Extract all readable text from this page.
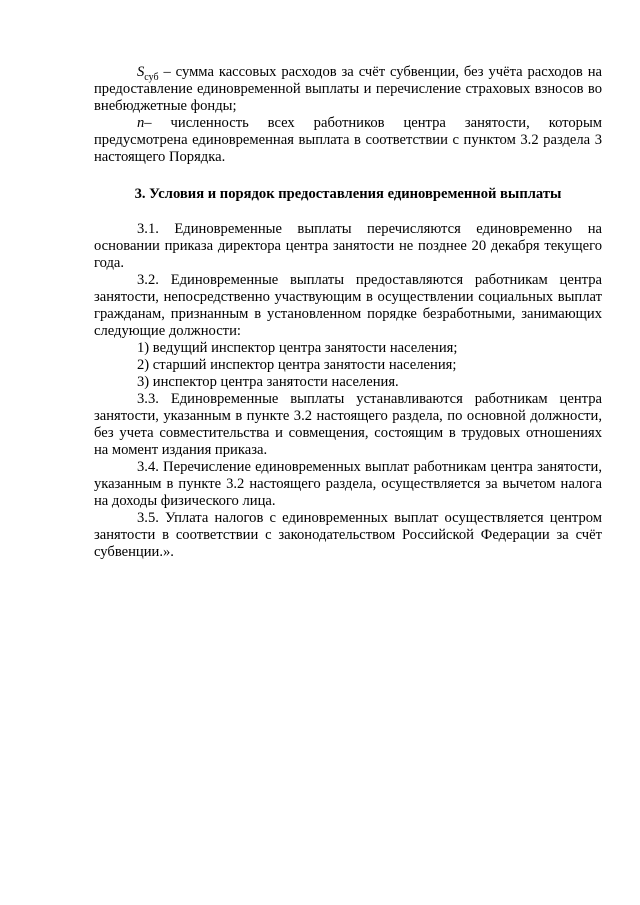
$S_{суб}$ – сумма кассовых расходов за счёт субвенции, без учёта расходов на предоставление единовременной выплаты и перечисление страховых взносов во внебюджетные фонды;

n– численность всех работников центра занятости, которым предусмотрена единовременная выплата в соответствии с пунктом 3.2 раздела 3 настоящего Порядка.

3. Условия и порядок предоставления единовременной выплаты

3.1. Единовременные выплаты перечисляются единовременно на основании приказа директора центра занятости не позднее 20 декабря текущего года.

3.2. Единовременные выплаты предоставляются работникам центра занятости, непосредственно участвующим в осуществлении социальных выплат гражданам, признанным в установленном порядке безработными, занимающих следующие должности:

1) ведущий инспектор центра занятости населения;

2) старший инспектор центра занятости населения;

3) инспектор центра занятости населения.

3.3. Единовременные выплаты устанавливаются работникам центра занятости, указанным в пункте 3.2 настоящего раздела, по основной должности, без учета совместительства и совмещения, состоящим в трудовых отношениях на момент издания приказа.

3.4. Перечисление единовременных выплат работникам центра занятости, указанным в пункте 3.2 настоящего раздела, осуществляется за вычетом налога на доходы физического лица.

3.5. Уплата налогов с единовременных выплат осуществляется центром занятости в соответствии с законодательством Российской Федерации за счёт субвенции.».
